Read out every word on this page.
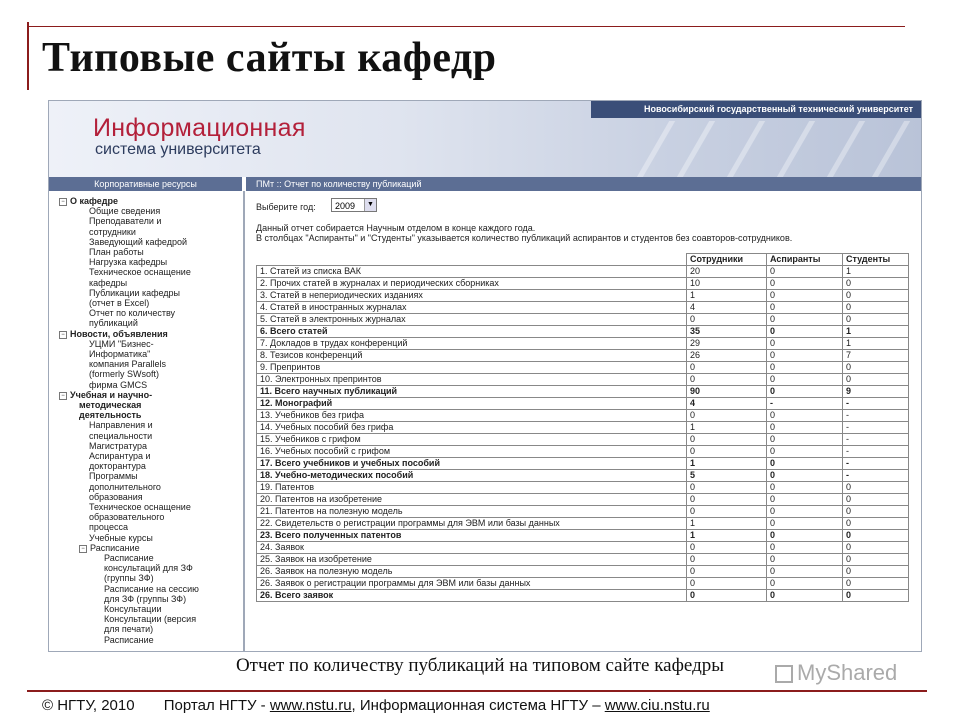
Типовые сайты кафедр
Новосибирский государственный технический университет
Информационная
система университета
Корпоративные ресурсы	ПМт :: Отчет по количеству публикаций
− О кафедре
Общие сведения
Преподаватели и
сотрудники
Заведующий кафедрой
План работы
Нагрузка кафедры
Техническое оснащение
кафедры
Публикации кафедры
(отчет в Excel)
Отчет по количеству
публикаций
− Новости, объявления
УЦМИ "Бизнес-
Информатика"
компания Parallels
(formerly SWsoft)
фирма GMCS
− Учебная и научно-
методическая
деятельность
Направления и
специальности
Магистратура
Аспирантура и
докторантура
Программы
дополнительного
образования
Техническое оснащение
образовательного
процесса
Учебные курсы
− Расписание
Расписание
консультаций для ЗФ
(группы ЗФ)
Расписание на сессию
для ЗФ (группы ЗФ)
Консультации
Консультации (версия
для печати)
Расписание
Выберите год:	2009	▼
Данный отчет собирается Научным отделом в конце каждого года.
В столбцах "Аспиранты" и "Студенты" указывается количество публикаций аспирантов и студентов без соавторов-сотрудников.
	Сотрудники	Аспиранты	Студенты
1. Статей из списка ВАК	20	0	1
2. Прочих статей в журналах и периодических сборниках	10	0	0
3. Статей в непериодических изданиях	1	0	0
4. Статей в иностранных журналах	4	0	0
5. Статей в электронных журналах	0	0	0
6. Всего статей	35	0	1
7. Докладов в трудах конференций	29	0	1
8. Тезисов конференций	26	0	7
9. Препринтов	0	0	0
10. Электронных препринтов	0	0	0
11. Всего научных публикаций	90	0	9
12. Монографий	4	-	-
13. Учебников без грифа	0	0	-
14. Учебных пособий без грифа	1	0	-
15. Учебников с грифом	0	0	-
16. Учебных пособий с грифом	0	0	-
17. Всего учебников и учебных пособий	1	0	-
18. Учебно-методических пособий	5	0	-
19. Патентов	0	0	0
20. Патентов на изобретение	0	0	0
21. Патентов на полезную модель	0	0	0
22. Свидетельств о регистрации программы для ЭВМ или базы данных	1	0	0
23. Всего полученных патентов	1	0	0
24. Заявок	0	0	0
25. Заявок на изобретение	0	0	0
26. Заявок на полезную модель	0	0	0
26. Заявок о регистрации программы для ЭВМ или базы данных	0	0	0
26. Всего заявок	0	0	0
Отчет по количеству публикаций на типовом сайте кафедры	MyShared
© НГТУ, 2010 Портал НГТУ - www.nstu.ru, Информационная система НГТУ – www.ciu.nstu.ru
